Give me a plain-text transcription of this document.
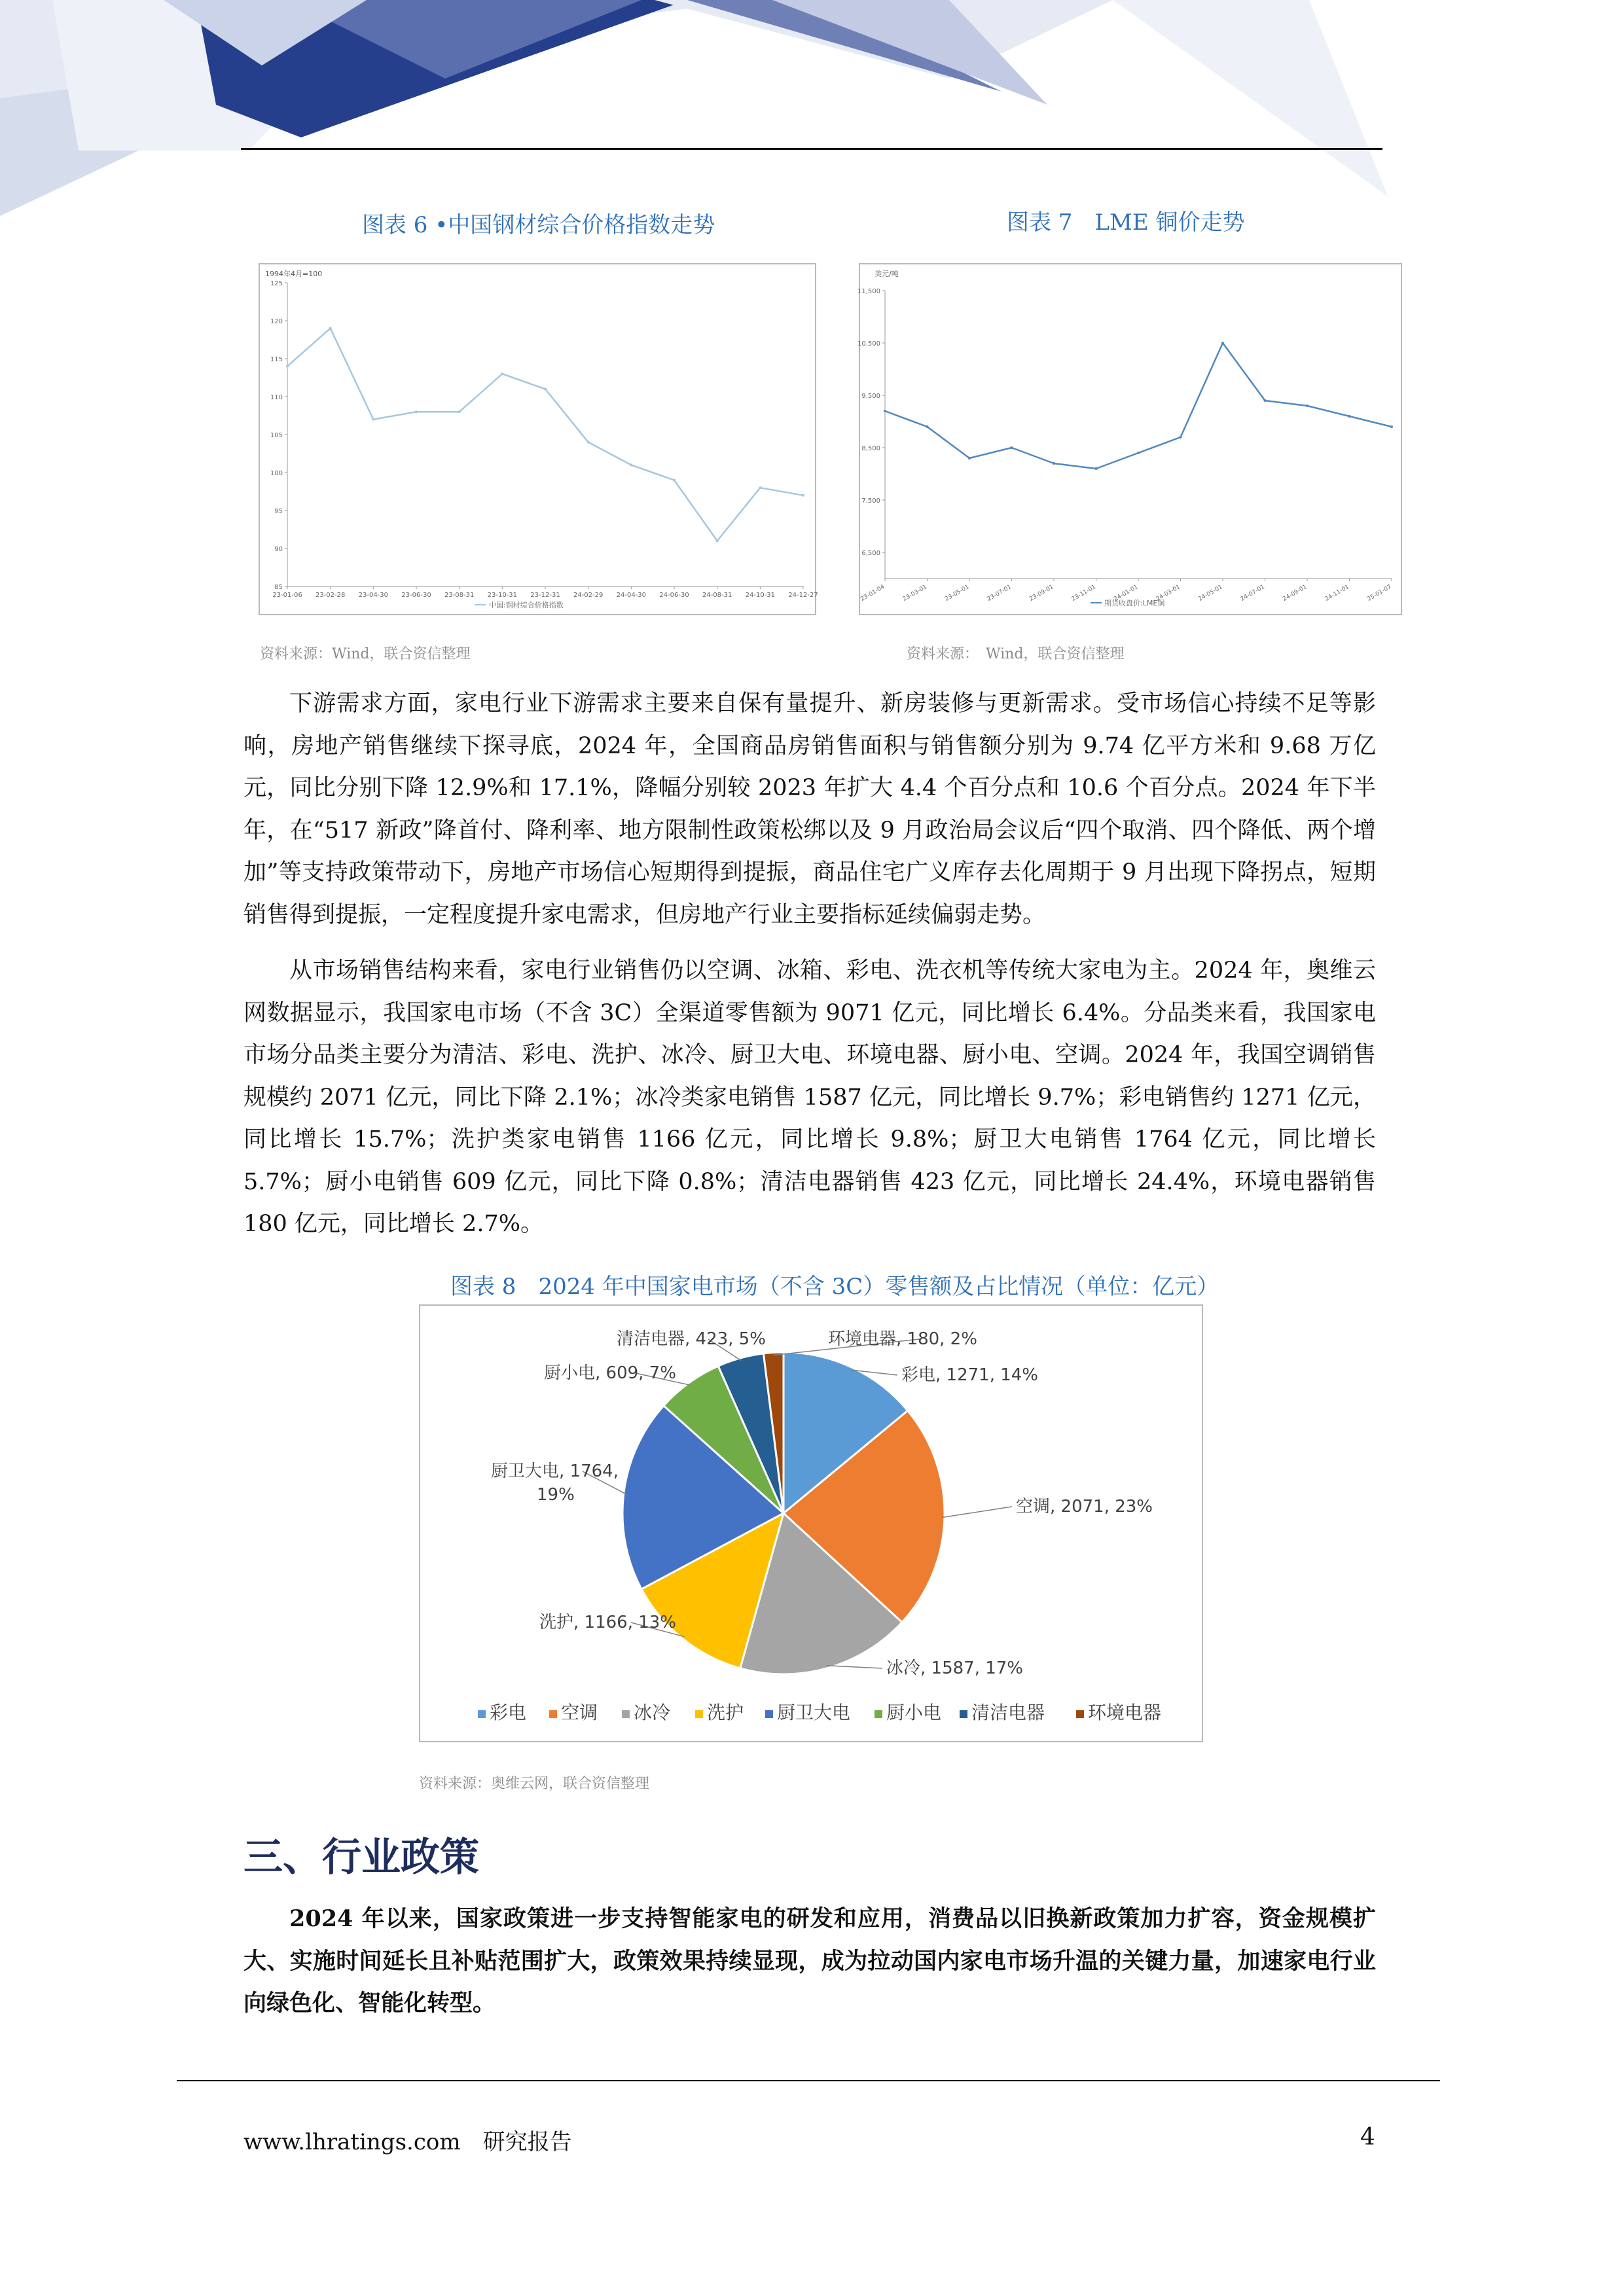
图表 6 •中国钢材综合价格指数走势
1994年4月=100
中国:钢材综合价格指数
125
120
115
110
105
100
95
90
85
23-01-06 23-02-28 23-04-30 23-06-30 23-08-31 23-10-31 23-12-31 24-02-29 24-04-30 24-06-30 24-08-31 24-10-31 24-12-27
资料来源：Wind，联合资信整理
图表 7　LME 铜价走势
美元/吨
期货收盘价:LME铜
11,500
10,500
9,500
8,500
7,500
6,500
23-01-04	23-03-01	23-05-01	23-07-01	23-09-01	23-11-01	24-01-01	24-03-01	24-05-01	24-07-01	24-09-01	24-11-01	25-01-07
资料来源：　Wind，联合资信整理

下游需求方面，家电行业下游需求主要来自保有量提升、新房装修与更新需求。受市场信心持续不足等影响，房地产销售继续下探寻底，2024 年，全国商品房销售面积与销售额分别为 9.74 亿平方米和 9.68 万亿元，同比分别下降 12.9%和 17.1%，降幅分别较 2023 年扩大 4.4 个百分点和 10.6 个百分点。2024 年下半年，在“517 新政”降首付、降利率、地方限制性政策松绑以及 9 月政治局会议后“四个取消、四个降低、两个增加”等支持政策带动下，房地产市场信心短期得到提振，商品住宅广义库存去化周期于 9 月出现下降拐点，短期销售得到提振，一定程度提升家电需求，但房地产行业主要指标延续偏弱走势。

从市场销售结构来看，家电行业销售仍以空调、冰箱、彩电、洗衣机等传统大家电为主。2024 年，奥维云网数据显示，我国家电市场（不含 3C）全渠道零售额为 9071 亿元，同比增长 6.4%。分品类来看，我国家电市场分品类主要分为清洁、彩电、洗护、冰冷、厨卫大电、环境电器、厨小电、空调。2024 年，我国空调销售规模约 2071 亿元，同比下降 2.1%；冰冷类家电销售 1587 亿元，同比增长 9.7%；彩电销售约 1271 亿元，同比增长 15.7%；洗护类家电销售 1166 亿元，同比增长 9.8%；厨卫大电销售 1764 亿元，同比增长 5.7%；厨小电销售 609 亿元，同比下降 0.8%；清洁电器销售 423 亿元，同比增长 24.4%，环境电器销售 180 亿元，同比增长 2.7%。

图表 8　2024 年中国家电市场（不含 3C）零售额及占比情况（单位：亿元）
彩电, 1271, 14%
空调, 2071, 23%
冰冷, 1587, 17%
洗护, 1166, 13%
厨卫大电, 1764,
厨小电, 609, 7%
清洁电器, 423, 5%	环境电器, 180, 2%
19%
彩电 空调 冰冷 洗护 厨卫大电 厨小电 清洁电器 环境电器
资料来源：奥维云网，联合资信整理
三、行业政策

2024 年以来，国家政策进一步支持智能家电的研发和应用，消费品以旧换新政策加力扩容，资金规模扩大、实施时间延长且补贴范围扩大，政策效果持续显现，成为拉动国内家电市场升温的关键力量，加速家电行业向绿色化、智能化转型。

www.lhratings.com　研究报告	4
